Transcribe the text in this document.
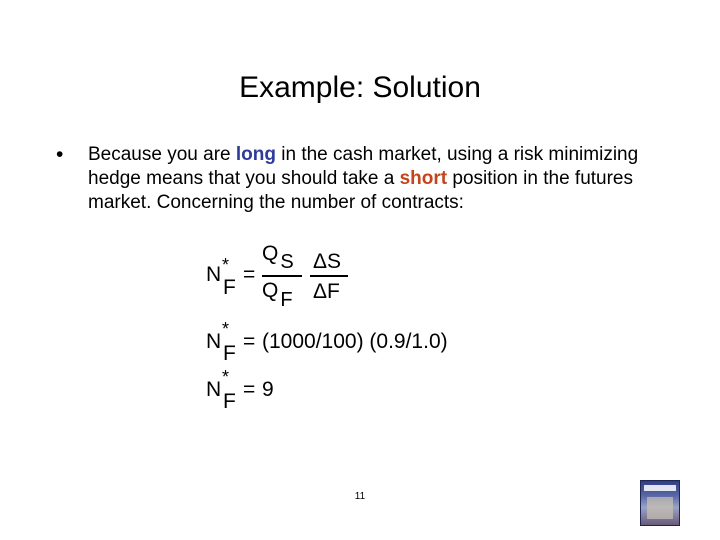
Example: Solution
• Because you are long in the cash market, using a risk minimizing hedge means that you should take a short position in the futures market. Concerning the number of contracts:
N *
F
=
Q S
Q F
ΔS
ΔF
N
*
F
= (1000/100) (0.9/1.0)
N
*
F
= 9
11
